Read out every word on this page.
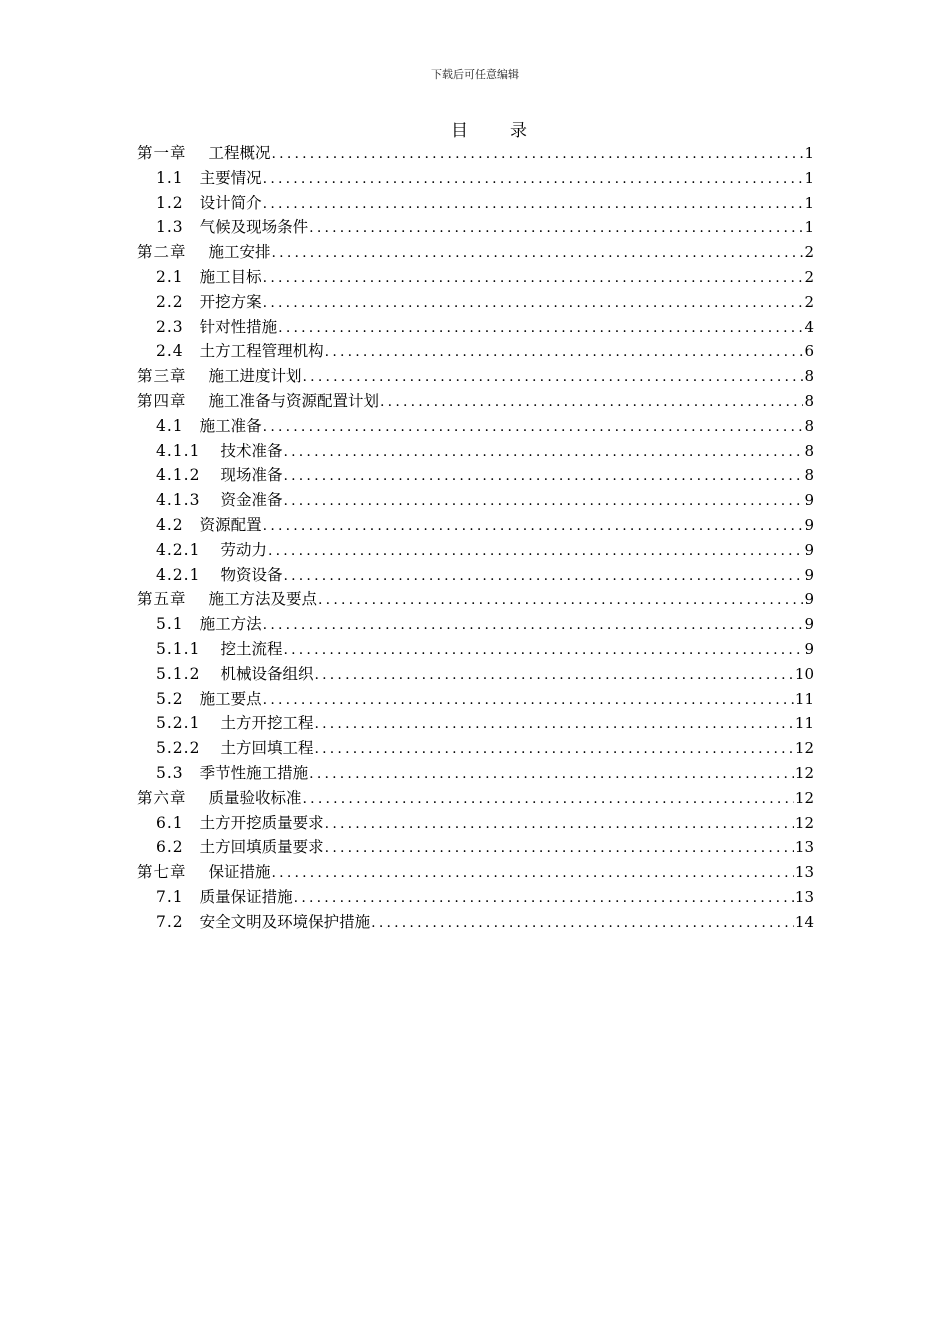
下载后可任意编辑
目 录
第一章 工程概况 .....	1
1.1 主要情况 .....	1
1.2 设计简介 .....	1
1.3 气候及现场条件 .....	1
第二章 施工安排 .....	2
2.1 施工目标 .....	2
2.2 开挖方案 .....	2
2.3 针对性措施 .....	4
2.4 土方工程管理机构 .....	6
第三章 施工进度计划 .....	8
第四章 施工准备与资源配置计划 .....	8
4.1 施工准备 .....	8
4.1.1 技术准备 .....	8
4.1.2 现场准备 .....	8
4.1.3 资金准备 .....	9
4.2 资源配置 .....	9
4.2.1 劳动力 .....	9
4.2.1 物资设备 .....	9
第五章 施工方法及要点 .....	9
5.1 施工方法 .....	9
5.1.1 挖土流程 .....	9
5.1.2 机械设备组织 .....	10
5.2 施工要点 .....	11
5.2.1 土方开挖工程 .....	11
5.2.2 土方回填工程 .....	12
5.3 季节性施工措施 .....	12
第六章 质量验收标准 .....	12
6.1 土方开挖质量要求 .....	12
6.2 土方回填质量要求 .....	13
第七章 保证措施 .....	13
7.1 质量保证措施 .....	13
7.2 安全文明及环境保护措施 .....	14
